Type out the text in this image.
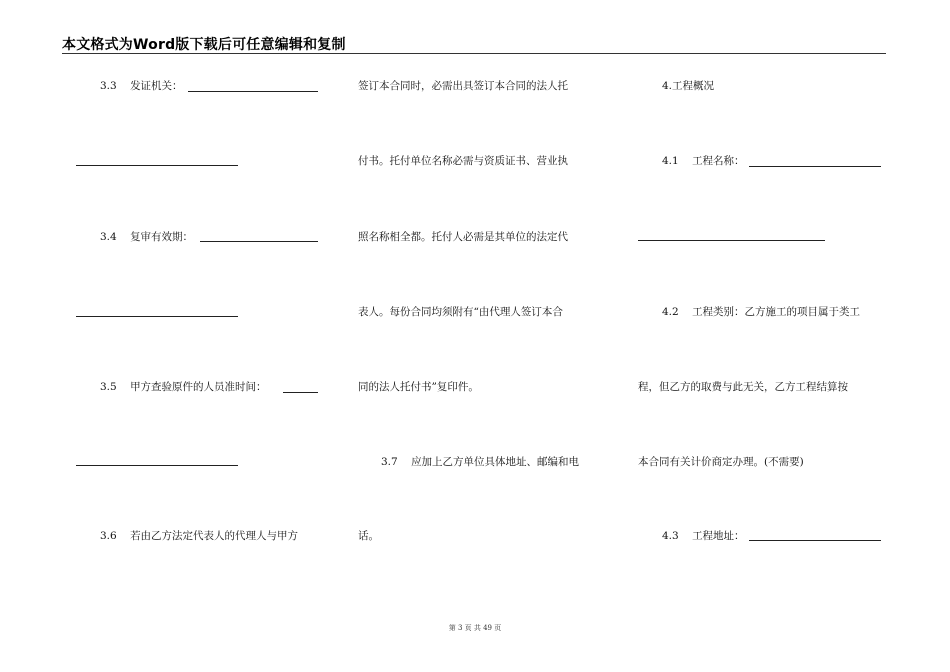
本文格式为Word版下载后可任意编辑和复制
3.3 发证机关：
3.4 复审有效期：
3.5 甲方查验原件的人员准时间：
3.6 若由乙方法定代表人的代理人与甲方
签订本合同时，必需出具签订本合同的法人托
付书。托付单位名称必需与资质证书、营业执
照名称相全都。托付人必需是其单位的法定代
表人。每份合同均须附有“由代理人签订本合
同的法人托付书”复印件。
3.7 应加上乙方单位具体地址、邮编和电
话。
4.工程概况
4.1 工程名称：
4.2 工程类别：乙方施工的项目属于类工
程，但乙方的取费与此无关，乙方工程结算按
本合同有关计价商定办理。(不需要)
4.3 工程地址：
第 3 页 共 49 页
